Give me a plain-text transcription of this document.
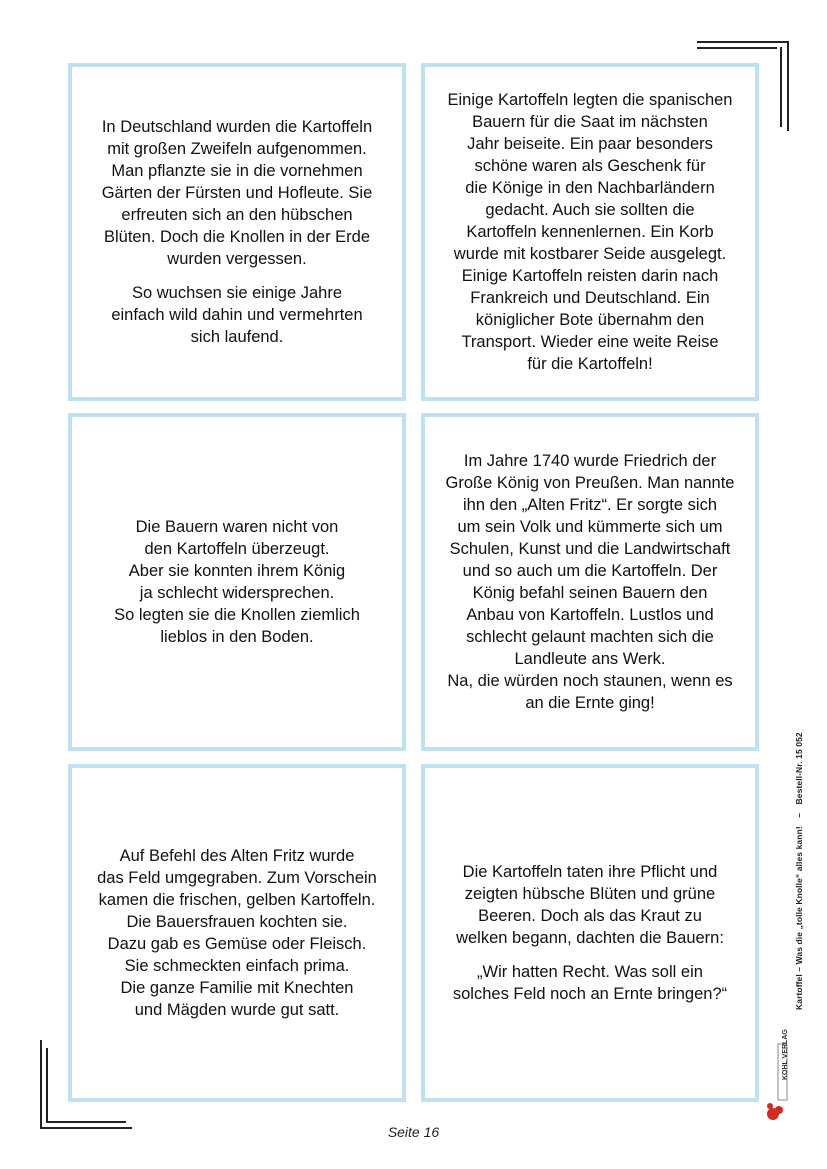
In Deutschland wurden die Kartoffeln
mit großen Zweifeln aufgenommen.
Man pflanzte sie in die vornehmen
Gärten der Fürsten und Hofleute. Sie
erfreuten sich an den hübschen
Blüten. Doch die Knollen in der Erde
wurden vergessen.

So wuchsen sie einige Jahre
einfach wild dahin und vermehrten
sich laufend.

Einige Kartoffeln legten die spanischen
Bauern für die Saat im nächsten
Jahr beiseite. Ein paar besonders
schöne waren als Geschenk für
die Könige in den Nachbarländern
gedacht. Auch sie sollten die
Kartoffeln kennenlernen. Ein Korb
wurde mit kostbarer Seide ausgelegt.
Einige Kartoffeln reisten darin nach
Frankreich und Deutschland. Ein
königlicher Bote übernahm den
Transport. Wieder eine weite Reise
für die Kartoffeln!

Die Bauern waren nicht von
den Kartoffeln überzeugt.
Aber sie konnten ihrem König
ja schlecht widersprechen.
So legten sie die Knollen ziemlich
lieblos in den Boden.

Im Jahre 1740 wurde Friedrich der
Große König von Preußen. Man nannte
ihn den „Alten Fritz“. Er sorgte sich
um sein Volk und kümmerte sich um
Schulen, Kunst und die Landwirtschaft
und so auch um die Kartoffeln. Der
König befahl seinen Bauern den
Anbau von Kartoffeln. Lustlos und
schlecht gelaunt machten sich die
Landleute ans Werk.
Na, die würden noch staunen, wenn es
an die Ernte ging!

Auf Befehl des Alten Fritz wurde
das Feld umgegraben. Zum Vorschein
kamen die frischen, gelben Kartoffeln.
Die Bauersfrauen kochten sie.
Dazu gab es Gemüse oder Fleisch.
Sie schmeckten einfach prima.
Die ganze Familie mit Knechten
und Mägden wurde gut satt.

Die Kartoffeln taten ihre Pflicht und
zeigten hübsche Blüten und grüne
Beeren. Doch als das Kraut zu
welken begann, dachten die Bauern:

„Wir hatten Recht. Was soll ein
solches Feld noch an Ernte bringen?“	Kartoffel – Was die „tolle Knolle“ alles kann! – Bestell-Nr. 15 052
KOHL VERLAG
Seite 16
